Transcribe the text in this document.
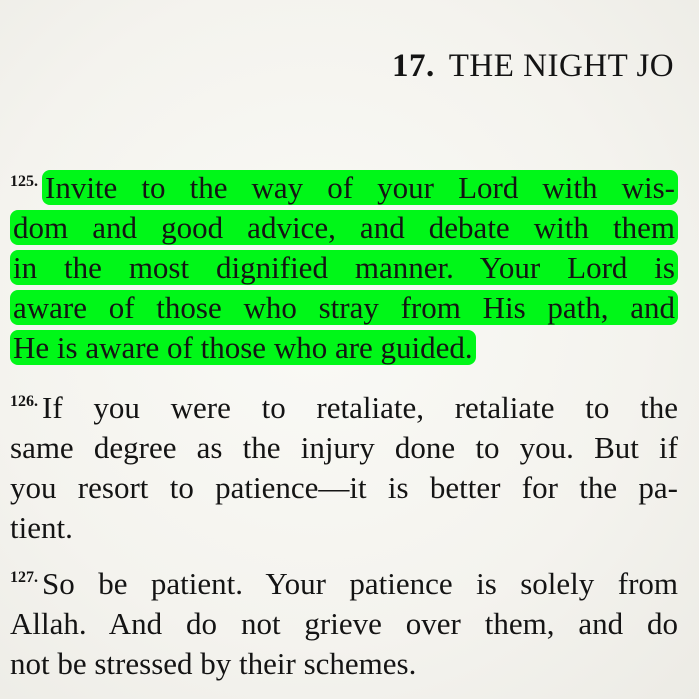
17. THE NIGHT JO
$^{125.}$ Invite to the way of your Lord with wis-
dom and good advice, and debate with them
in the most dignified manner. Your Lord is
aware of those who stray from His path, and
He is aware of those who are guided.
$^{126.}$ If you were to retaliate, retaliate to the
same degree as the injury done to you. But if
you resort to patience—it is better for the pa-
tient.
$^{127.}$ So be patient. Your patience is solely from
Allah. And do not grieve over them, and do
not be stressed by their schemes.
